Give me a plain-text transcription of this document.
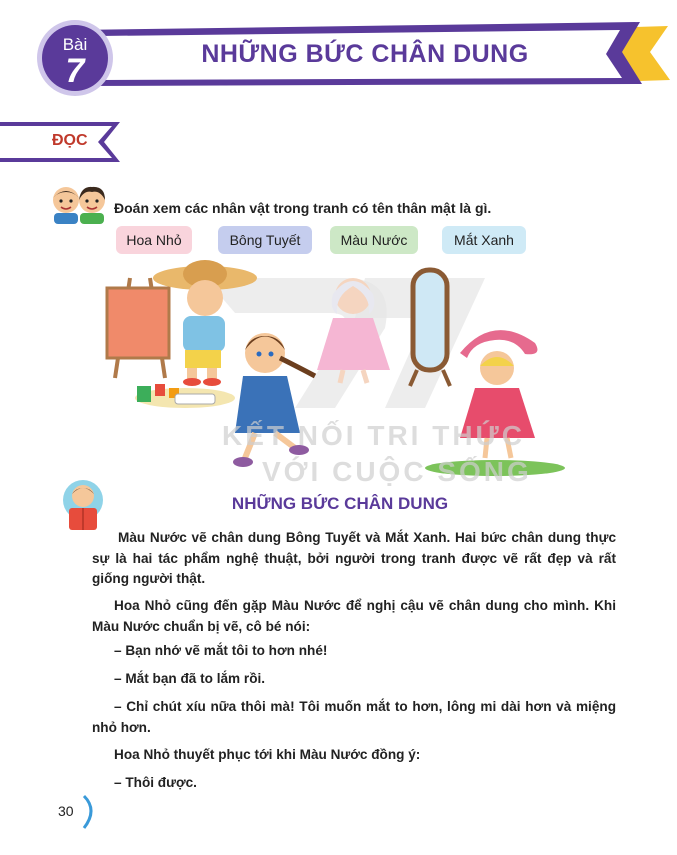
Bài
7	NHỮNG BỨC CHÂN DUNG
ĐỌC
Đoán xem các nhân vật trong tranh có tên thân mật là gì.
Hoa Nhỏ	Bông Tuyết	Màu Nước	Mắt Xanh
KẾT NỐI TRI THỨC
VỚI CUỘC SỐNG
NHỮNG BỨC CHÂN DUNG
Màu Nước vẽ chân dung Bông Tuyết và Mắt Xanh. Hai bức chân dung thực sự là hai tác phẩm nghệ thuật, bởi người trong tranh được vẽ rất đẹp và rất giống người thật.
Hoa Nhỏ cũng đến gặp Màu Nước để nghị cậu vẽ chân dung cho mình. Khi Màu Nước chuẩn bị vẽ, cô bé nói:
– Bạn nhớ vẽ mắt tôi to hơn nhé!
– Mắt bạn đã to lắm rồi.
– Chỉ chút xíu nữa thôi mà! Tôi muốn mắt to hơn, lông mi dài hơn và miệng nhỏ hơn.
Hoa Nhỏ thuyết phục tới khi Màu Nước đồng ý:
– Thôi được.
30
